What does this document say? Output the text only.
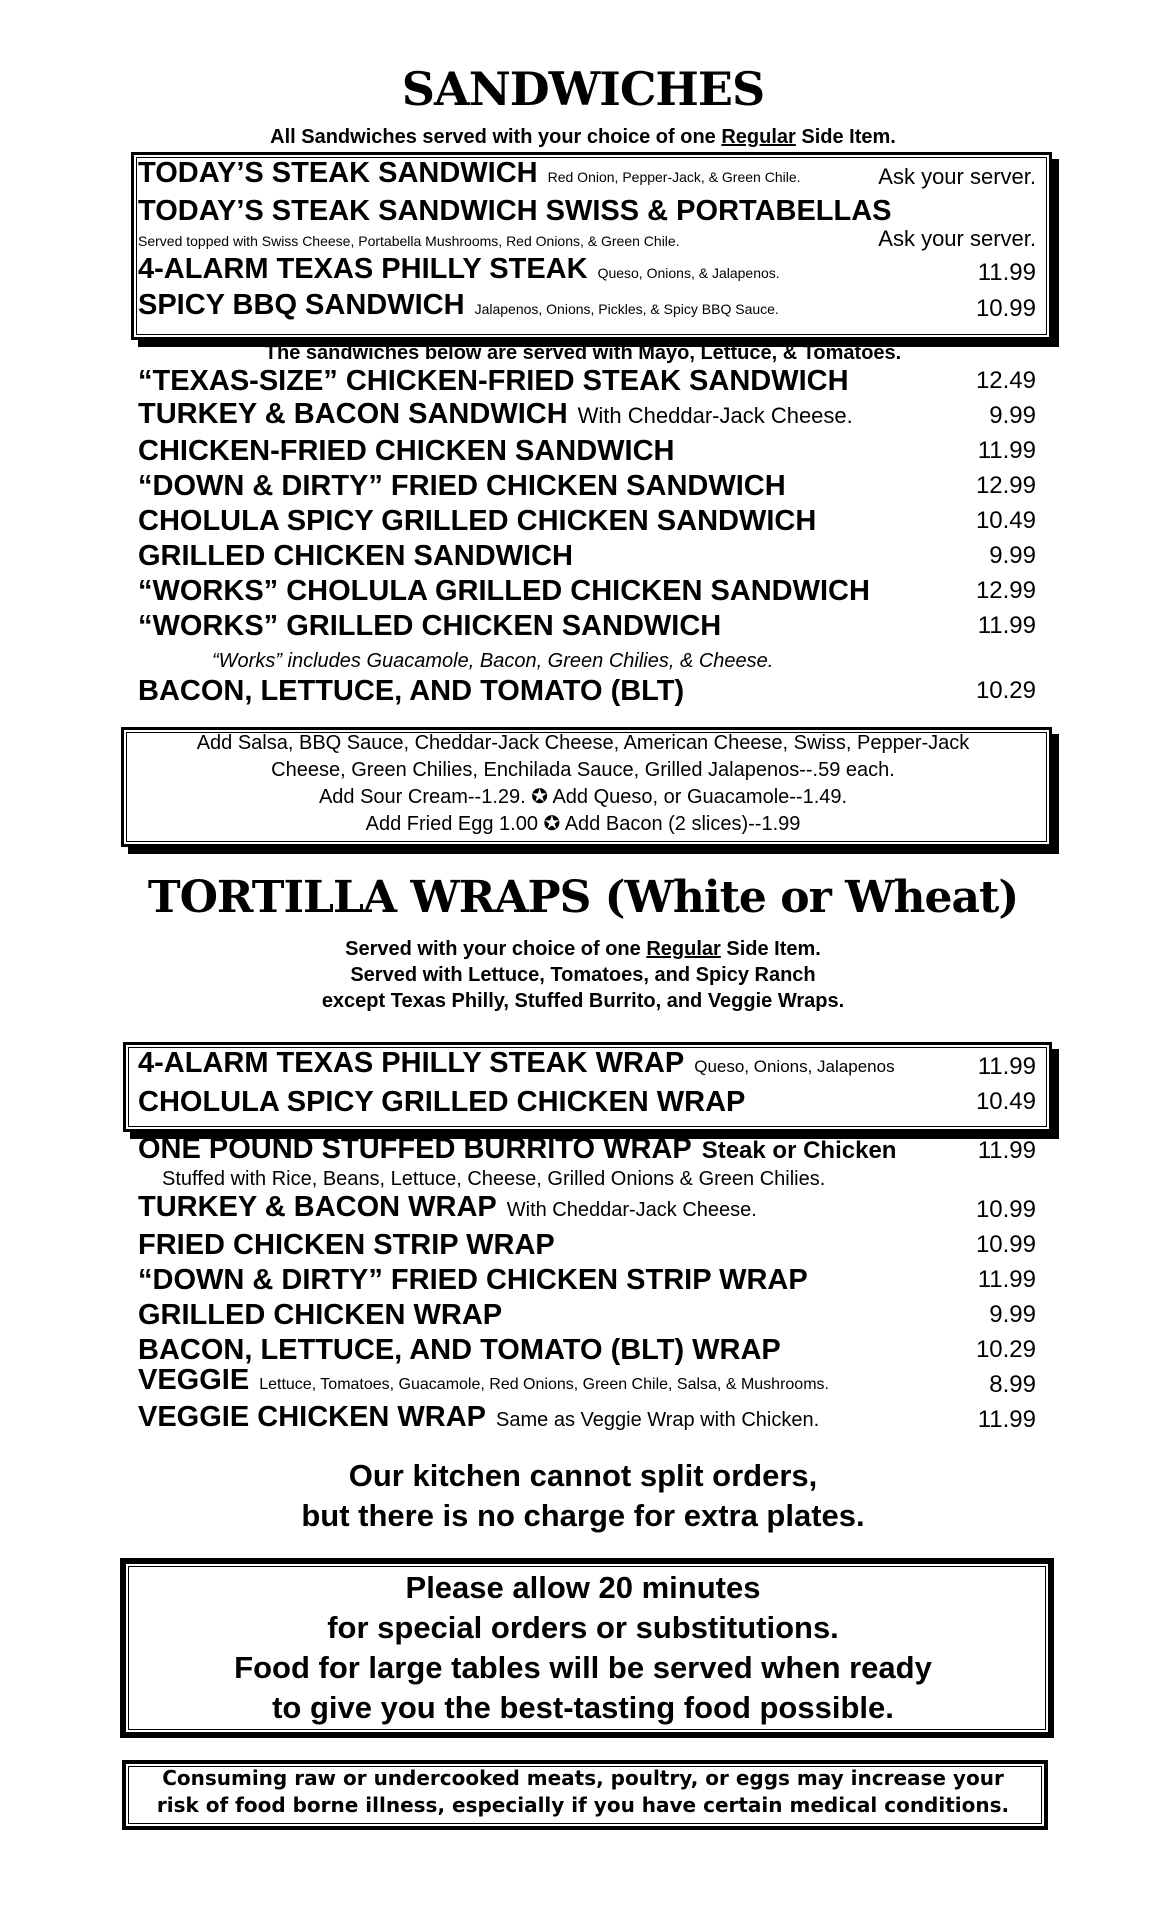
SANDWICHES
All Sandwiches served with your choice of one Regular Side Item.
TODAY’S STEAK SANDWICH Red Onion, Pepper-Jack, & Green Chile.	Ask your server.
TODAY’S STEAK SANDWICH SWISS & PORTABELLAS
Served topped with Swiss Cheese, Portabella Mushrooms, Red Onions, & Green Chile.	Ask your server.
4-ALARM TEXAS PHILLY STEAK Queso, Onions, & Jalapenos.	11.99
SPICY BBQ SANDWICH Jalapenos, Onions, Pickles, & Spicy BBQ Sauce.	10.99
The sandwiches below are served with Mayo, Lettuce, & Tomatoes.
“TEXAS-SIZE” CHICKEN-FRIED STEAK SANDWICH	12.49
TURKEY & BACON SANDWICH With Cheddar-Jack Cheese.	9.99
CHICKEN-FRIED CHICKEN SANDWICH	11.99
“DOWN & DIRTY” FRIED CHICKEN SANDWICH	12.99
CHOLULA SPICY GRILLED CHICKEN SANDWICH	10.49
GRILLED CHICKEN SANDWICH	9.99
“WORKS” CHOLULA GRILLED CHICKEN SANDWICH	12.99
“WORKS” GRILLED CHICKEN SANDWICH	11.99
“Works” includes Guacamole, Bacon, Green Chilies, & Cheese.
BACON, LETTUCE, AND TOMATO (BLT)	10.29
Add Salsa, BBQ Sauce, Cheddar-Jack Cheese, American Cheese, Swiss, Pepper-Jack
Cheese, Green Chilies, Enchilada Sauce, Grilled Jalapenos--.59 each.
Add Sour Cream--1.29. ✪ Add Queso, or Guacamole--1.49.
Add Fried Egg 1.00 ✪ Add Bacon (2 slices)--1.99
TORTILLA WRAPS (White or Wheat)
Served with your choice of one Regular Side Item.
Served with Lettuce, Tomatoes, and Spicy Ranch
except Texas Philly, Stuffed Burrito, and Veggie Wraps.
4-ALARM TEXAS PHILLY STEAK WRAP Queso, Onions, Jalapenos	11.99
CHOLULA SPICY GRILLED CHICKEN WRAP	10.49
ONE POUND STUFFED BURRITO WRAP Steak or Chicken	11.99
Stuffed with Rice, Beans, Lettuce, Cheese, Grilled Onions & Green Chilies.
TURKEY & BACON WRAP With Cheddar-Jack Cheese.	10.99
FRIED CHICKEN STRIP WRAP	10.99
“DOWN & DIRTY” FRIED CHICKEN STRIP WRAP	11.99
GRILLED CHICKEN WRAP	9.99
BACON, LETTUCE, AND TOMATO (BLT) WRAP	10.29
VEGGIE Lettuce, Tomatoes, Guacamole, Red Onions, Green Chile, Salsa, & Mushrooms.	8.99
VEGGIE CHICKEN WRAP Same as Veggie Wrap with Chicken.	11.99
Our kitchen cannot split orders,
but there is no charge for extra plates.
Please allow 20 minutes
for special orders or substitutions.
Food for large tables will be served when ready
to give you the best-tasting food possible.
Consuming raw or undercooked meats, poultry, or eggs may increase your
risk of food borne illness, especially if you have certain medical conditions.
